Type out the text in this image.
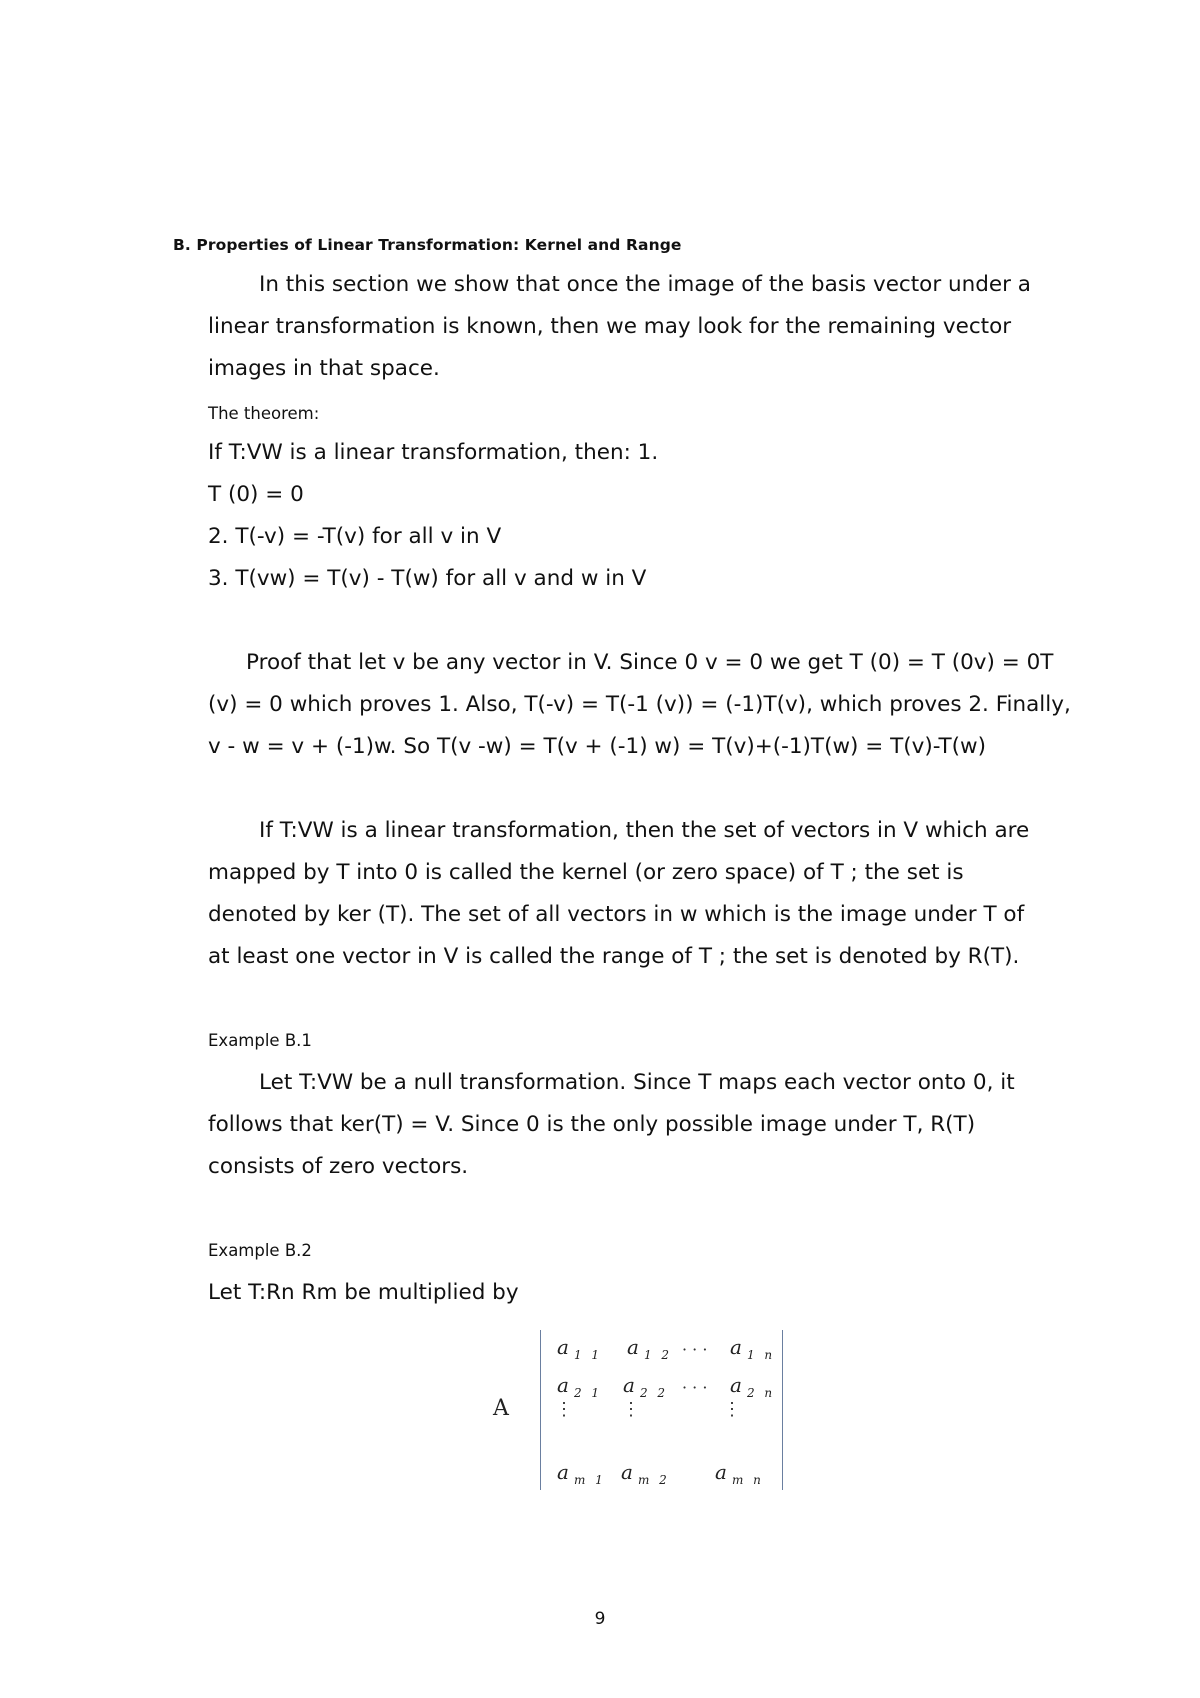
B. Properties of Linear Transformation: Kernel and Range
In this section we show that once the image of the basis vector under a
linear transformation is known, then we may look for the remaining vector
images in that space.
The theorem:
If T:VW is a linear transformation, then: 1.
T (0) = 0
2. T(-v) = -T(v) for all v in V
3. T(vw) = T(v) - T(w) for all v and w in V
Proof that let v be any vector in V. Since 0 v = 0 we get T (0) = T (0v) = 0T
(v) = 0 which proves 1. Also, T(-v) = T(-1 (v)) = (-1)T(v), which proves 2. Finally,
v - w = v + (-1)w. So T(v -w) = T(v + (-1) w) = T(v)+(-1)T(w) = T(v)-T(w)
If T:VW is a linear transformation, then the set of vectors in V which are
mapped by T into 0 is called the kernel (or zero space) of T ; the set is
denoted by ker (T). The set of all vectors in w which is the image under T of
at least one vector in V is called the range of T ; the set is denoted by R(T).
Example B.1
Let T:VW be a null transformation. Since T maps each vector onto 0, it
follows that ker(T) = V. Since 0 is the only possible image under T, R(T)
consists of zero vectors.
Example B.2
Let T:Rn Rm be multiplied by
A
a $_{1 1}$ a $_{1 2}$ · · · a $_{1 n}$
a $_{2 1}$ a $_{2 2}$ · · · a $_{2 n}$
⋮	⋮	⋮
a $_{m 1}$ a $_{m 2}$ a $_{m n}$
9
